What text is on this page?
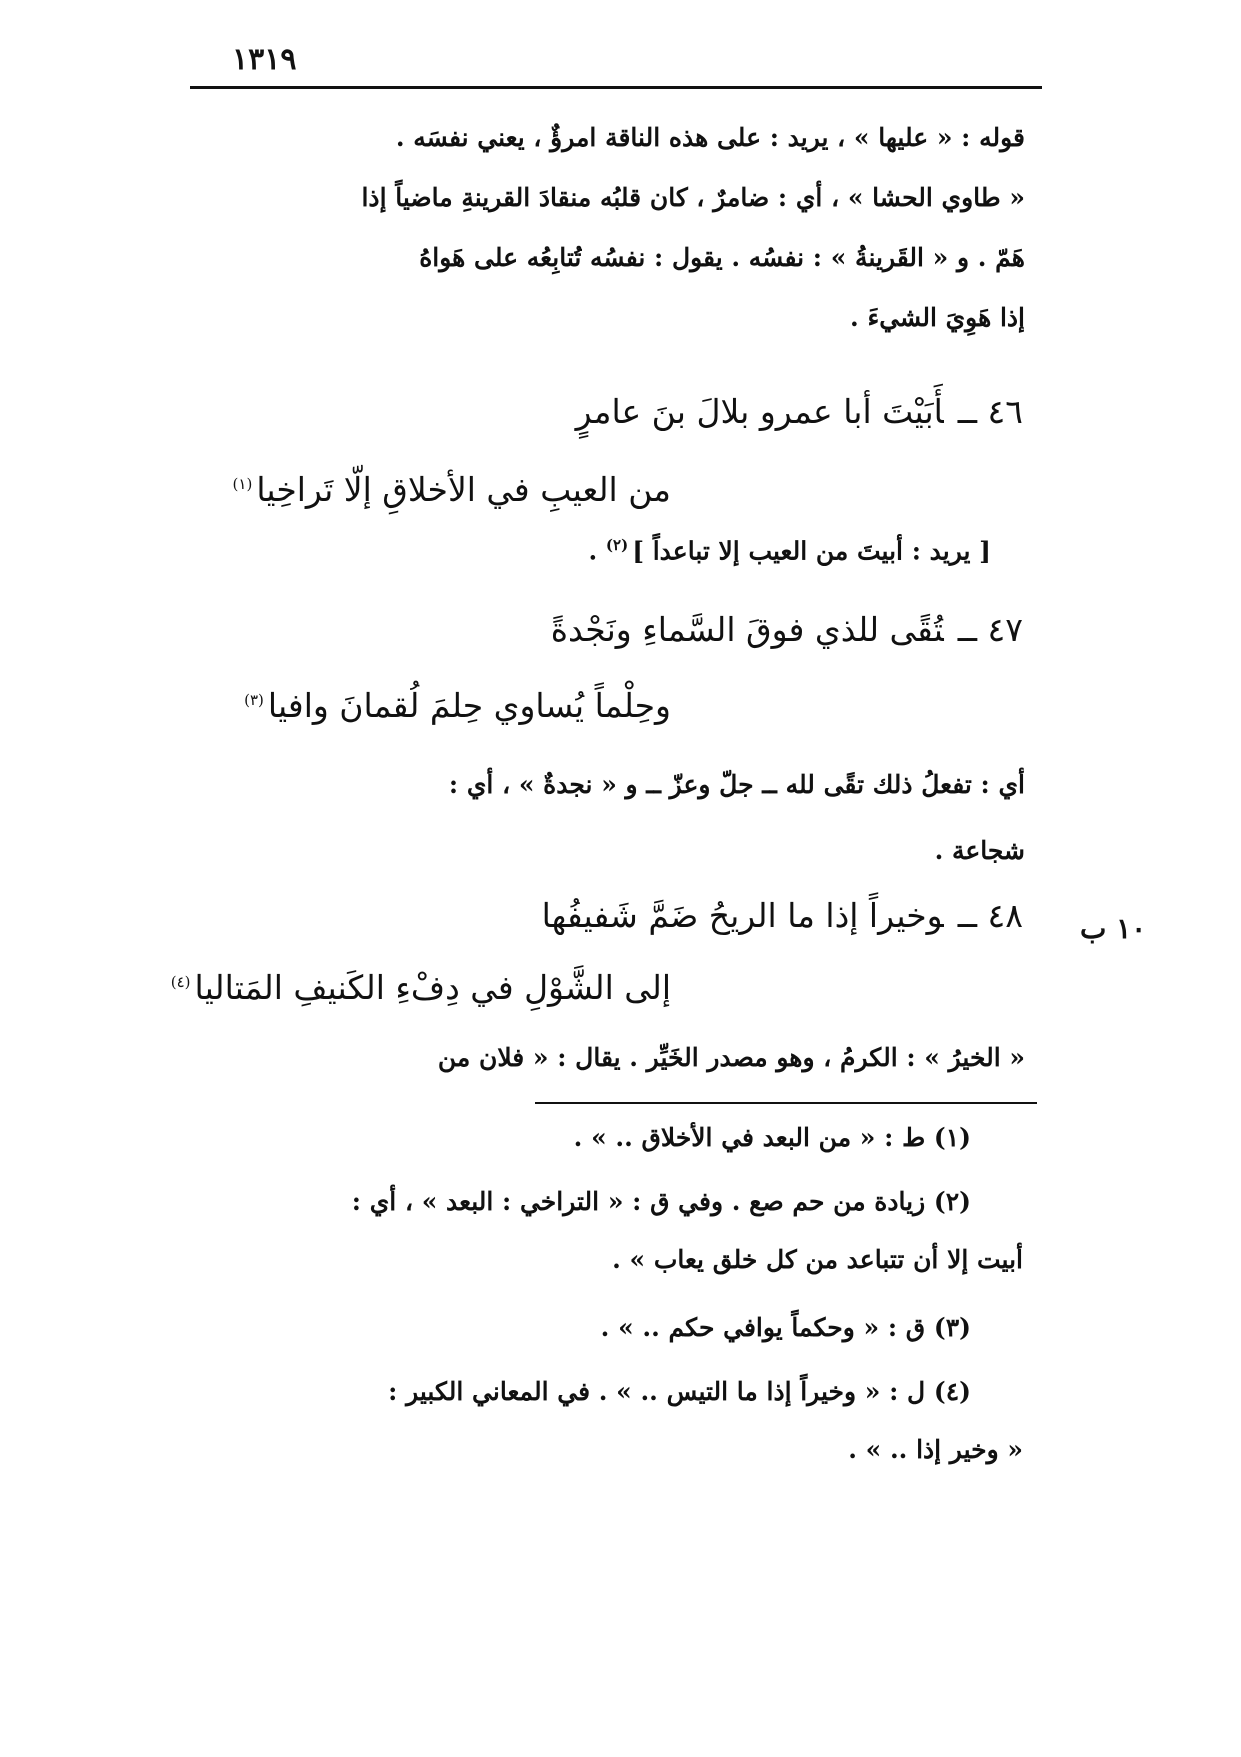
١٣١٩
قوله : « عليها » ، يريد : على هذه الناقة امرؤٌ ، يعني نفسَه .
« طاوي الحشا » ، أي : ضامرٌ ، كان قلبُه منقادَ القرينةِ ماضياً إذا
هَمّ . و « القَرينةُ » : نفسُه . يقول : نفسُه تُتابِعُه على هَواهُ
إذا هَوِيَ الشيءَ .
٤٦ ــأَبَيْتَ أبا عمرو بلالَ بنَ عامرٍ
من العيبِ في الأخلاقِ إلّا تَراخِيا$^{(١)}$
[ يريد : أبيتَ من العيب إلا تباعداً ]$^{(٢)}$ .
٤٧ ــتُقًى للذي فوقَ السَّماءِ ونَجْدةً
وحِلْماً يُساوي حِلمَ لُقمانَ وافيا$^{(٣)}$
أي : تفعلُ ذلك تقًى لله ــ جلّ وعزّ ــ و « نجدةٌ » ، أي :
شجاعة .
١٠ ب
٤٨ ــوخيراً إذا ما الريحُ ضَمَّ شَفيفُها
إلى الشَّوْلِ في دِفْءِ الكَنيفِ المَتاليا$^{(٤)}$
« الخيرُ » : الكرمُ ، وهو مصدر الخَيِّر . يقال : « فلان من
(١) ط : « من البعد في الأخلاق .. » .
(٢) زيادة من حم صع . وفي ق : « التراخي : البعد » ، أي :
أبيت إلا أن تتباعد من كل خلق يعاب » .
(٣) ق : « وحكماً يوافي حكم .. » .
(٤) ل : « وخيراً إذا ما التيس .. » . في المعاني الكبير :
« وخير إذا .. » .
